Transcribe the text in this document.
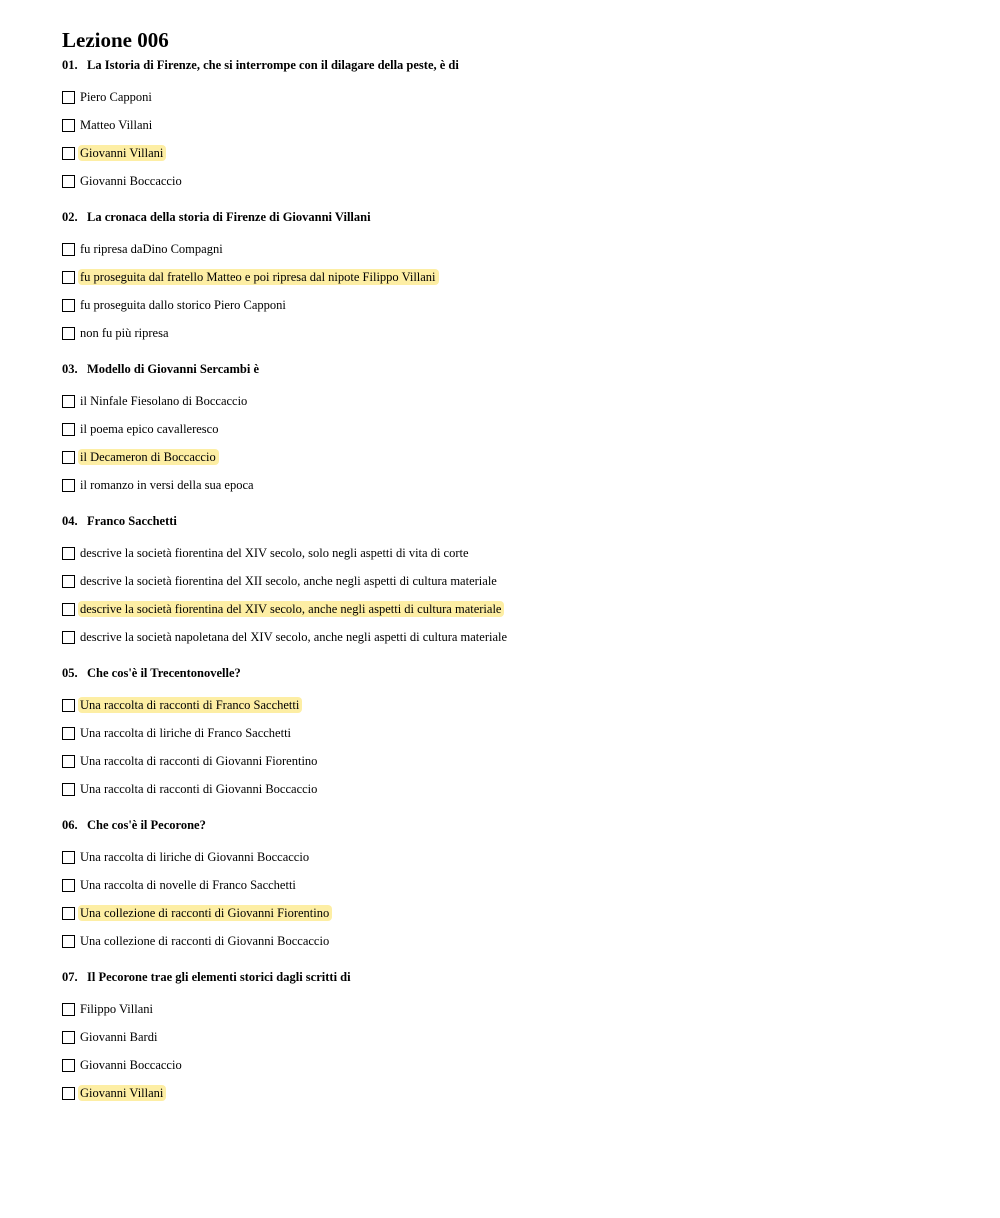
Lezione 006
01. La Istoria di Firenze, che si interrompe con il dilagare della peste, è di
Piero Capponi
Matteo Villani
Giovanni Villani
Giovanni Boccaccio
02. La cronaca della storia di Firenze di Giovanni Villani
fu ripresa daDino Compagni
fu proseguita dal fratello Matteo e poi ripresa dal nipote Filippo Villani
fu proseguita dallo storico Piero Capponi
non fu più ripresa
03. Modello di Giovanni Sercambi è
il Ninfale Fiesolano di Boccaccio
il poema epico cavalleresco
il Decameron di Boccaccio
il romanzo in versi della sua epoca
04. Franco Sacchetti
descrive la società fiorentina del XIV secolo, solo negli aspetti di vita di corte
descrive la società fiorentina del XII secolo, anche negli aspetti di cultura materiale
descrive la società fiorentina del XIV secolo, anche negli aspetti di cultura materiale
descrive la società napoletana del XIV secolo, anche negli aspetti di cultura materiale
05. Che cos'è il Trecentonovelle?
Una raccolta di racconti di Franco Sacchetti
Una raccolta di liriche di Franco Sacchetti
Una raccolta di racconti di Giovanni Fiorentino
Una raccolta di racconti di Giovanni Boccaccio
06. Che cos'è il Pecorone?
Una raccolta di liriche di Giovanni Boccaccio
Una raccolta di novelle di Franco Sacchetti
Una collezione di racconti di Giovanni Fiorentino
Una collezione di racconti di Giovanni Boccaccio
07. Il Pecorone trae gli elementi storici dagli scritti di
Filippo Villani
Giovanni Bardi
Giovanni Boccaccio
Giovanni Villani
